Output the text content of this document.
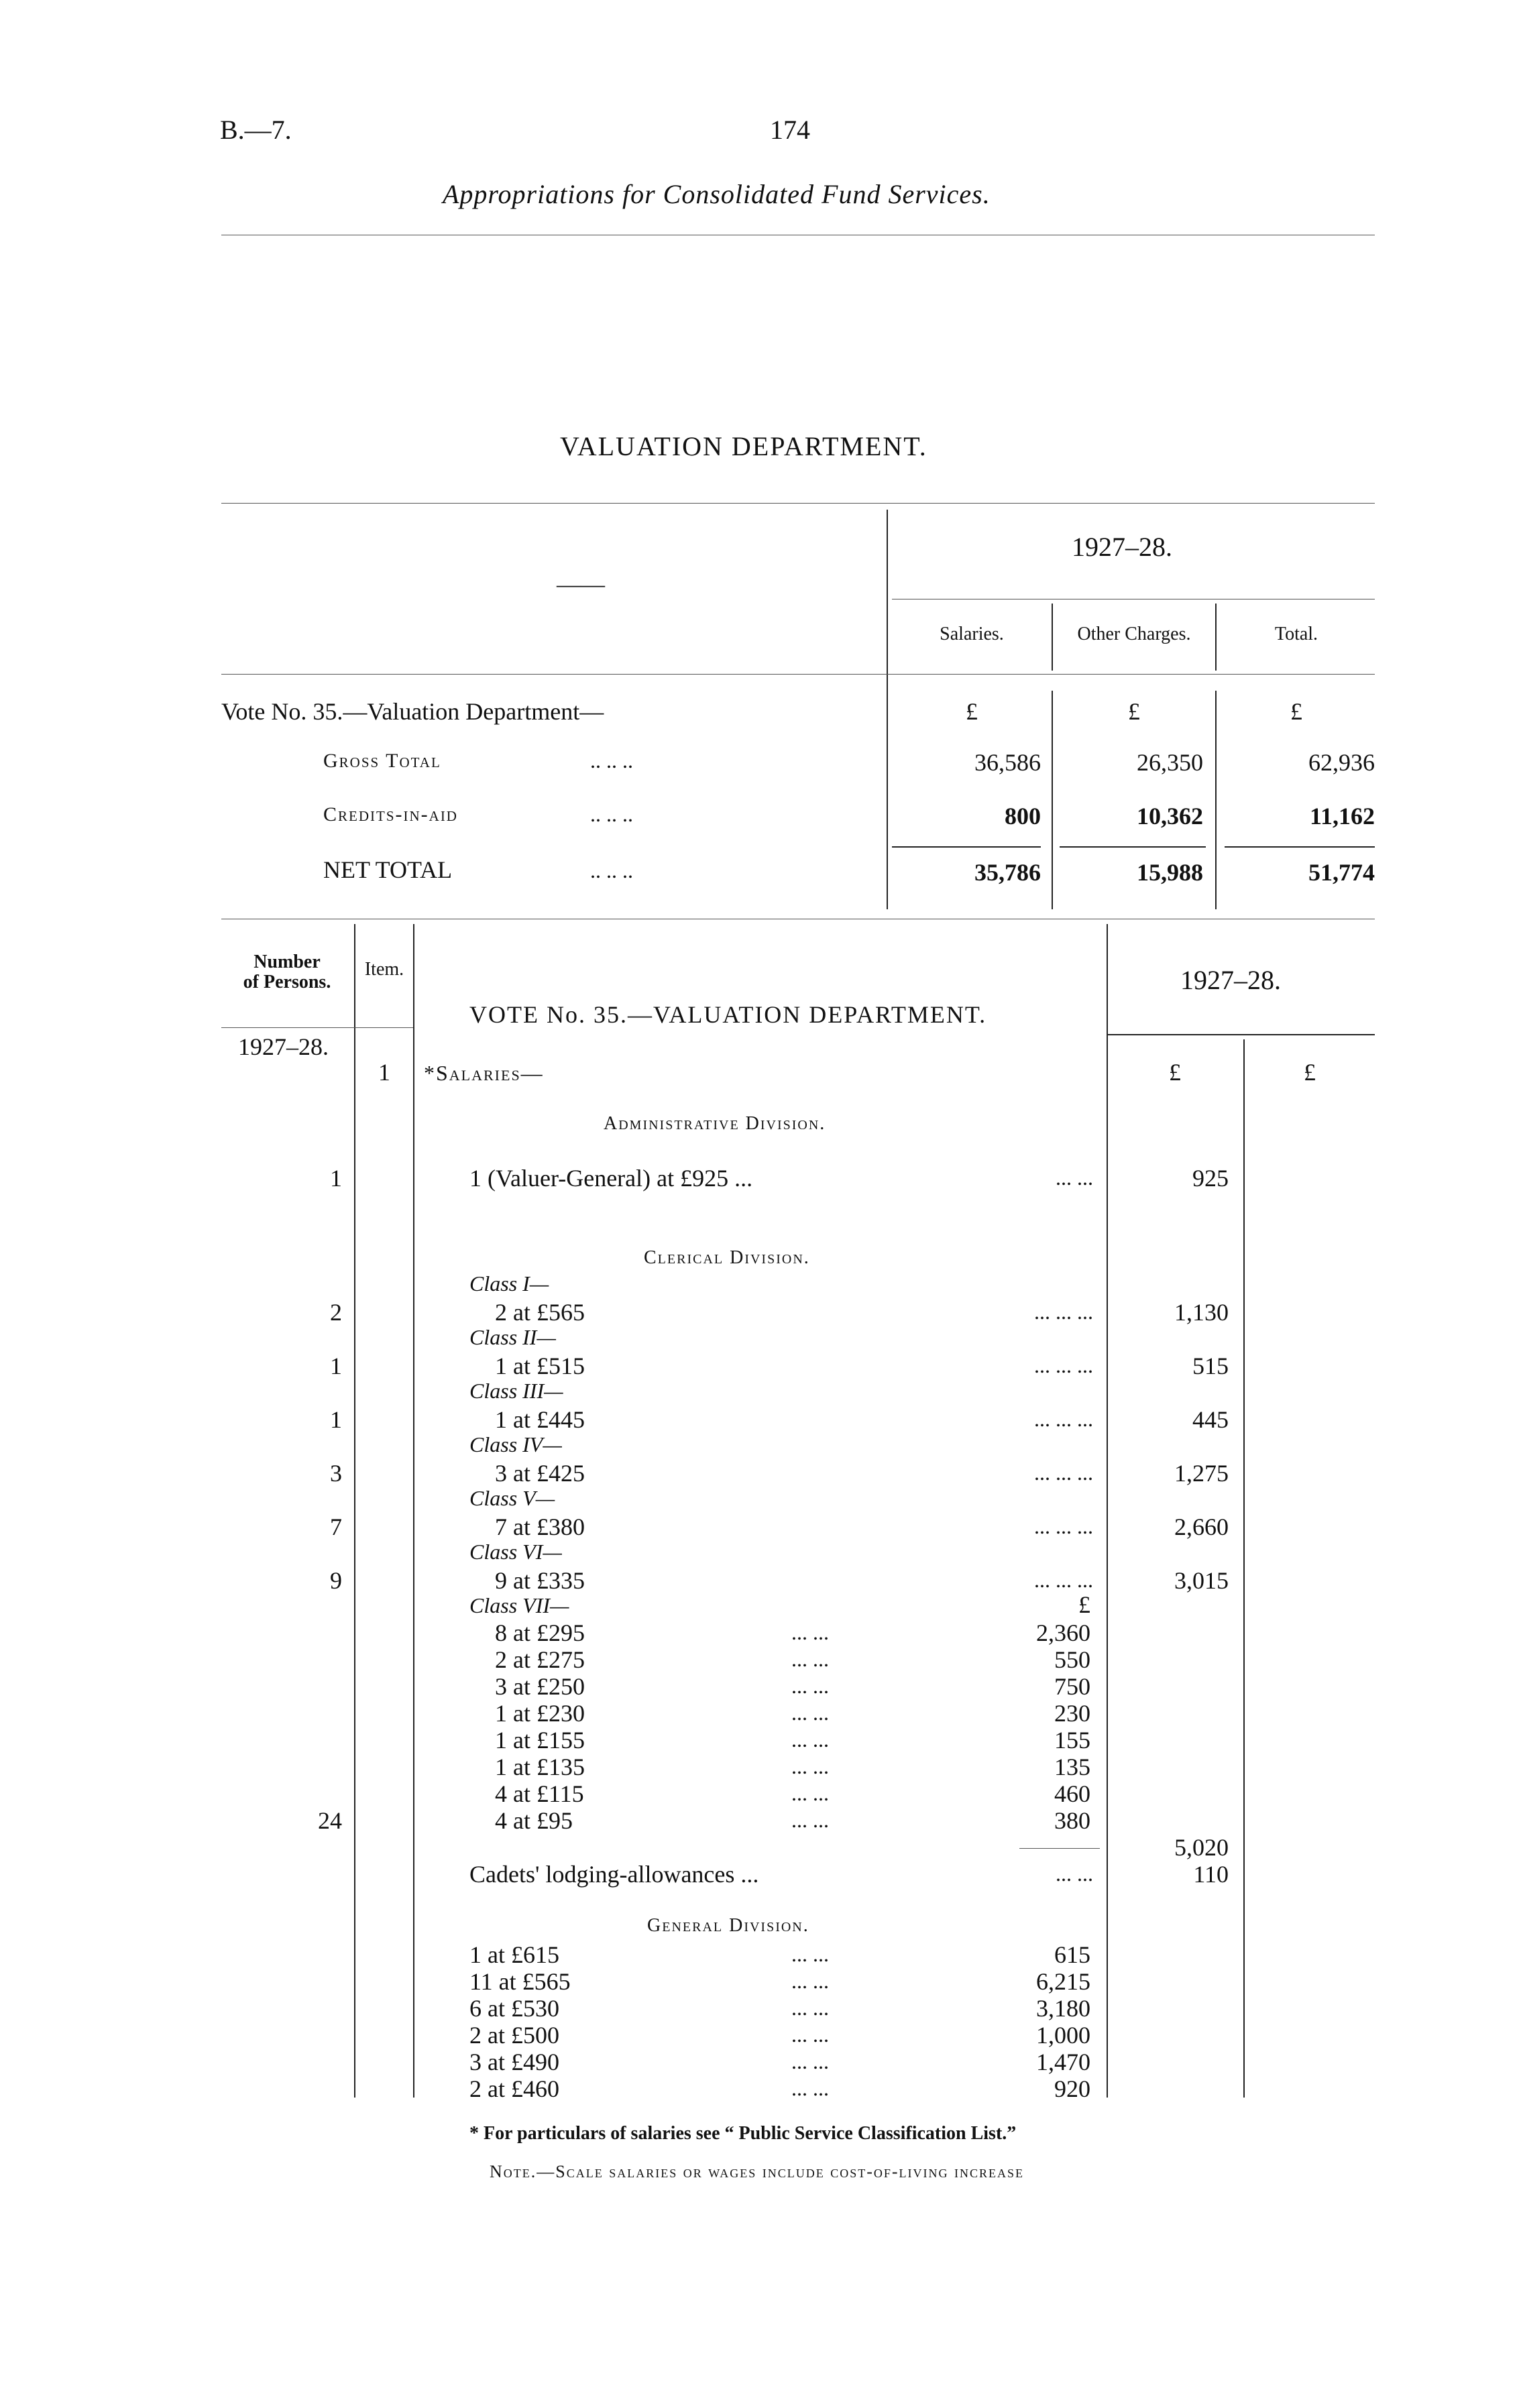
B.—7.	174
Appropriations for Consolidated Fund Services.
VALUATION DEPARTMENT.
——
1927–28.
Salaries.	Other Charges.	Total.
Vote No. 35.—Valuation Department—	£	£	£
Gross Total	.. .. ..	36,586	26,350	62,936
Credits-in-aid	.. .. ..	800	10,362	11,162
NET TOTAL	.. .. ..	35,786	15,988	51,774
Number
of Persons.
Item.	1927–28.
VOTE No. 35.—VALUATION DEPARTMENT.
1927–28.
1	*Salaries—	£	£
Administrative Division.
1	1 (Valuer-General) at £925 ...	... ...	925
Clerical Division.
Class I—
2	2 at £565	... ... ...	1,130
Class II—
1	1 at £515	... ... ...	515
Class III—
1	1 at £445	... ... ...	445
Class IV—
3	3 at £425	... ... ...	1,275
Class V—
7	7 at £380	... ... ...	2,660
Class VI—
9	9 at £335	... ... ...	3,015
Class VII—	£
8 at £295	... ...	2,360
2 at £275	... ...	550
3 at £250	... ...	750
1 at £230	... ...	230
1 at £155	... ...	155
1 at £135	... ...	135
4 at £115	... ...	460
24	4 at £95	... ...	380
5,020
Cadets' lodging-allowances ...	... ...	110
General Division.
1 at £615	... ...	615
11 at £565	... ...	6,215
6 at £530	... ...	3,180
2 at £500	... ...	1,000
3 at £490	... ...	1,470
2 at £460	... ...	920
* For particulars of salaries see “ Public Service Classification List.”
Note.—Scale salaries or wages include cost-of-living increase
